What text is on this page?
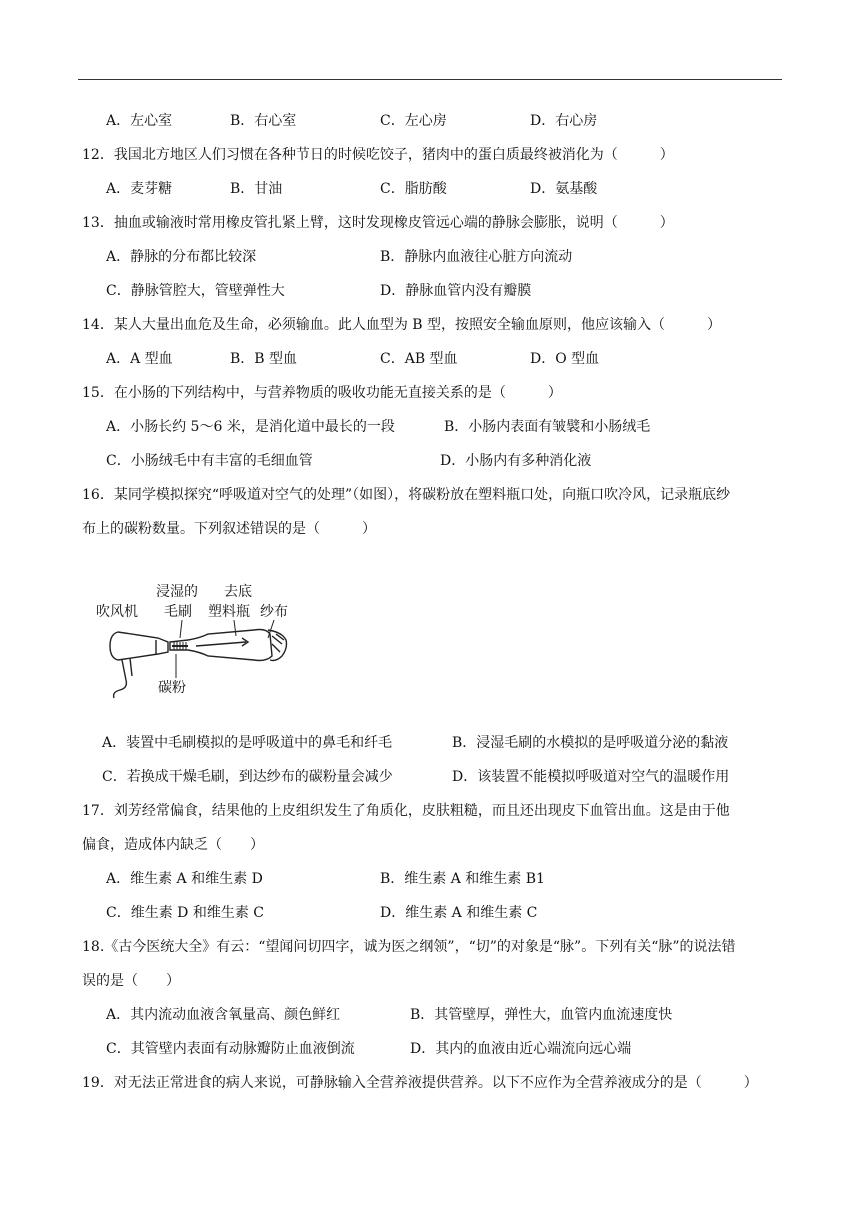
A．左心室	B．右心室	C．左心房	D．右心房
12．我国北方地区人们习惯在各种节日的时候吃饺子，猪肉中的蛋白质最终被消化为（　　　）
A．麦芽糖	B．甘油	C．脂肪酸	D．氨基酸
13．抽血或输液时常用橡皮管扎紧上臂，这时发现橡皮管远心端的静脉会膨胀，说明（　　　）
A．静脉的分布都比较深	B．静脉内血液往心脏方向流动
C．静脉管腔大，管壁弹性大	D．静脉血管内没有瓣膜
14．某人大量出血危及生命，必须输血。此人血型为 B 型，按照安全输血原则，他应该输入（　　　）
A．A 型血	B．B 型血	C．AB 型血	D．O 型血
15．在小肠的下列结构中，与营养物质的吸收功能无直接关系的是（　　　）
A．小肠长约 5～6 米，是消化道中最长的一段	B．小肠内表面有皱襞和小肠绒毛
C．小肠绒毛中有丰富的毛细血管	D．小肠内有多种消化液
16．某同学模拟探究“呼吸道对空气的处理”（如图），将碳粉放在塑料瓶口处，向瓶口吹冷风，记录瓶底纱
布上的碳粉数量。下列叙述错误的是（　　　）
浸湿的 去底
吹风机 毛刷 塑料瓶 纱布
碳粉
A．装置中毛刷模拟的是呼吸道中的鼻毛和纤毛	B．浸湿毛刷的水模拟的是呼吸道分泌的黏液
C．若换成干燥毛刷，到达纱布的碳粉量会减少	D．该装置不能模拟呼吸道对空气的温暖作用
17．刘芳经常偏食，结果他的上皮组织发生了角质化，皮肤粗糙，而且还出现皮下血管出血。这是由于他
偏食，造成体内缺乏（　　）
A．维生素 A 和维生素 D	B．维生素 A 和维生素 B1
C．维生素 D 和维生素 C	D．维生素 A 和维生素 C
18.《古今医统大全》有云：“望闻问切四字，诚为医之纲领”，“切”的对象是“脉”。下列有关“脉”的说法错
误的是（　　）
A．其内流动血液含氧量高、颜色鲜红	B．其管壁厚，弹性大，血管内血流速度快
C．其管壁内表面有动脉瓣防止血液倒流	D．其内的血液由近心端流向远心端
19．对无法正常进食的病人来说，可静脉输入全营养液提供营养。以下不应作为全营养液成分的是（　　　）
